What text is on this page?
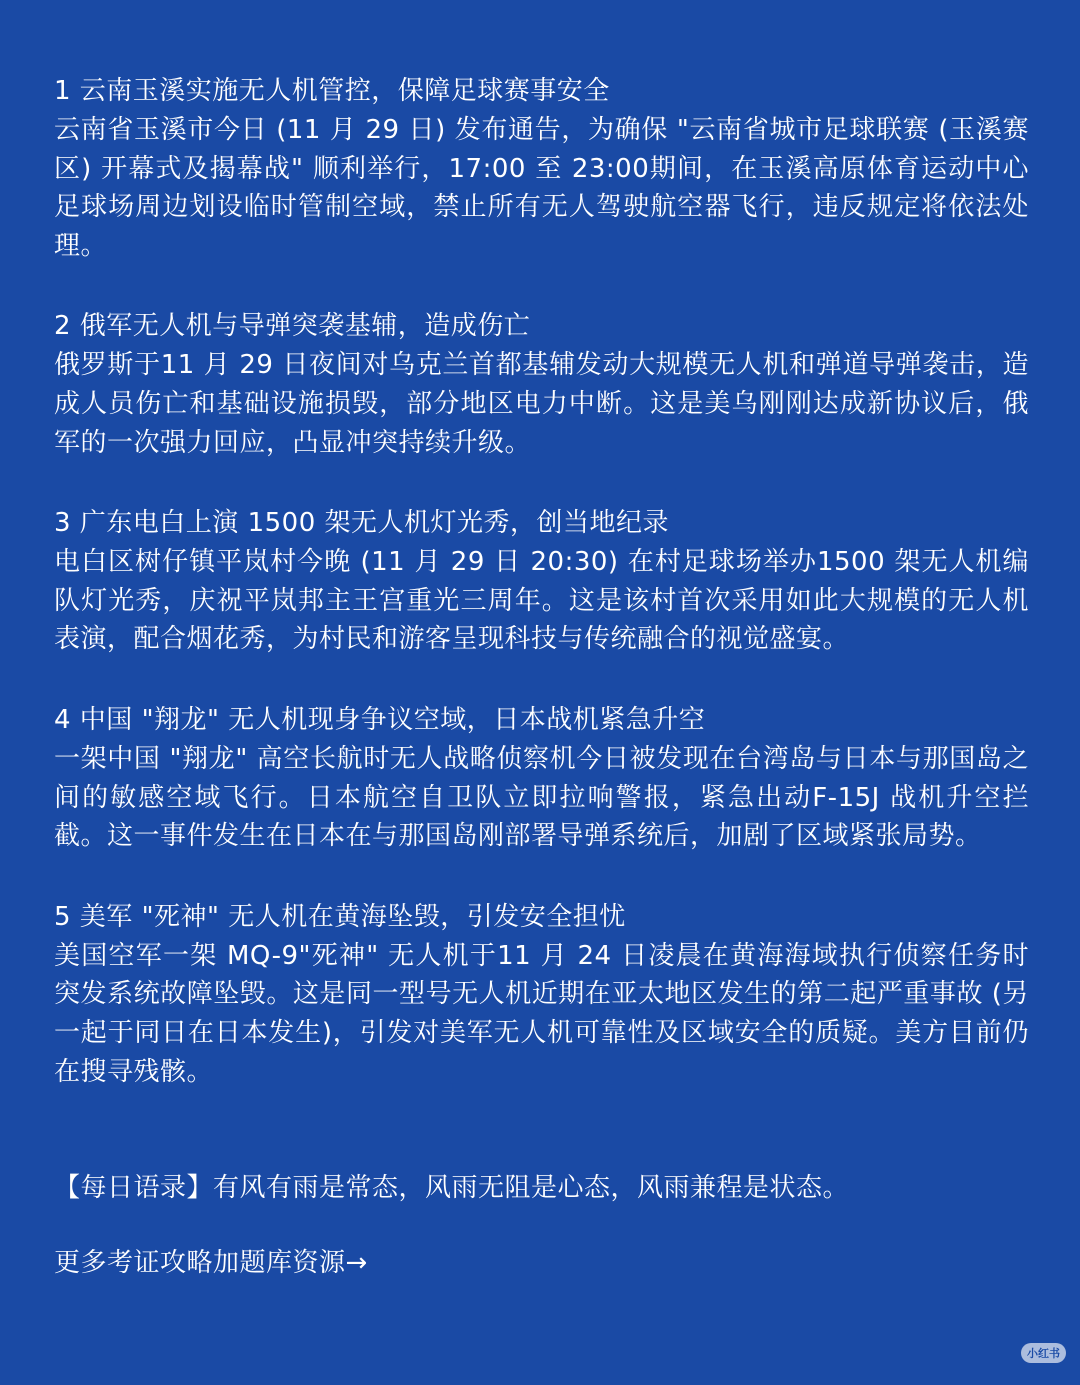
1 云南玉溪实施无人机管控，保障足球赛事安全
云南省玉溪市今日 (11 月 29 日) 发布通告，为确保 "云南省城市足球联赛 (玉溪赛区) 开幕式及揭幕战" 顺利举行，17:00 至 23:00期间，在玉溪高原体育运动中心足球场周边划设临时管制空域，禁止所有无人驾驶航空器飞行，违反规定将依法处理。
2 俄军无人机与导弹突袭基辅，造成伤亡
俄罗斯于11 月 29 日夜间对乌克兰首都基辅发动大规模无人机和弹道导弹袭击，造成人员伤亡和基础设施损毁，部分地区电力中断。这是美乌刚刚达成新协议后，俄军的一次强力回应，凸显冲突持续升级。
3 广东电白上演 1500 架无人机灯光秀，创当地纪录
电白区树仔镇平岚村今晚 (11 月 29 日 20:30) 在村足球场举办1500 架无人机编队灯光秀，庆祝平岚邦主王宫重光三周年。这是该村首次采用如此大规模的无人机表演，配合烟花秀，为村民和游客呈现科技与传统融合的视觉盛宴。
4 中国 "翔龙" 无人机现身争议空域，日本战机紧急升空
一架中国 "翔龙" 高空长航时无人战略侦察机今日被发现在台湾岛与日本与那国岛之间的敏感空域飞行。日本航空自卫队立即拉响警报，紧急出动F-15J 战机升空拦截。这一事件发生在日本在与那国岛刚部署导弹系统后，加剧了区域紧张局势。
5 美军 "死神" 无人机在黄海坠毁，引发安全担忧
美国空军一架 MQ-9"死神" 无人机于11 月 24 日凌晨在黄海海域执行侦察任务时突发系统故障坠毁。这是同一型号无人机近期在亚太地区发生的第二起严重事故 (另一起于同日在日本发生)，引发对美军无人机可靠性及区域安全的质疑。美方目前仍在搜寻残骸。
【每日语录】有风有雨是常态，风雨无阻是心态，风雨兼程是状态。
更多考证攻略加题库资源→
小红书
